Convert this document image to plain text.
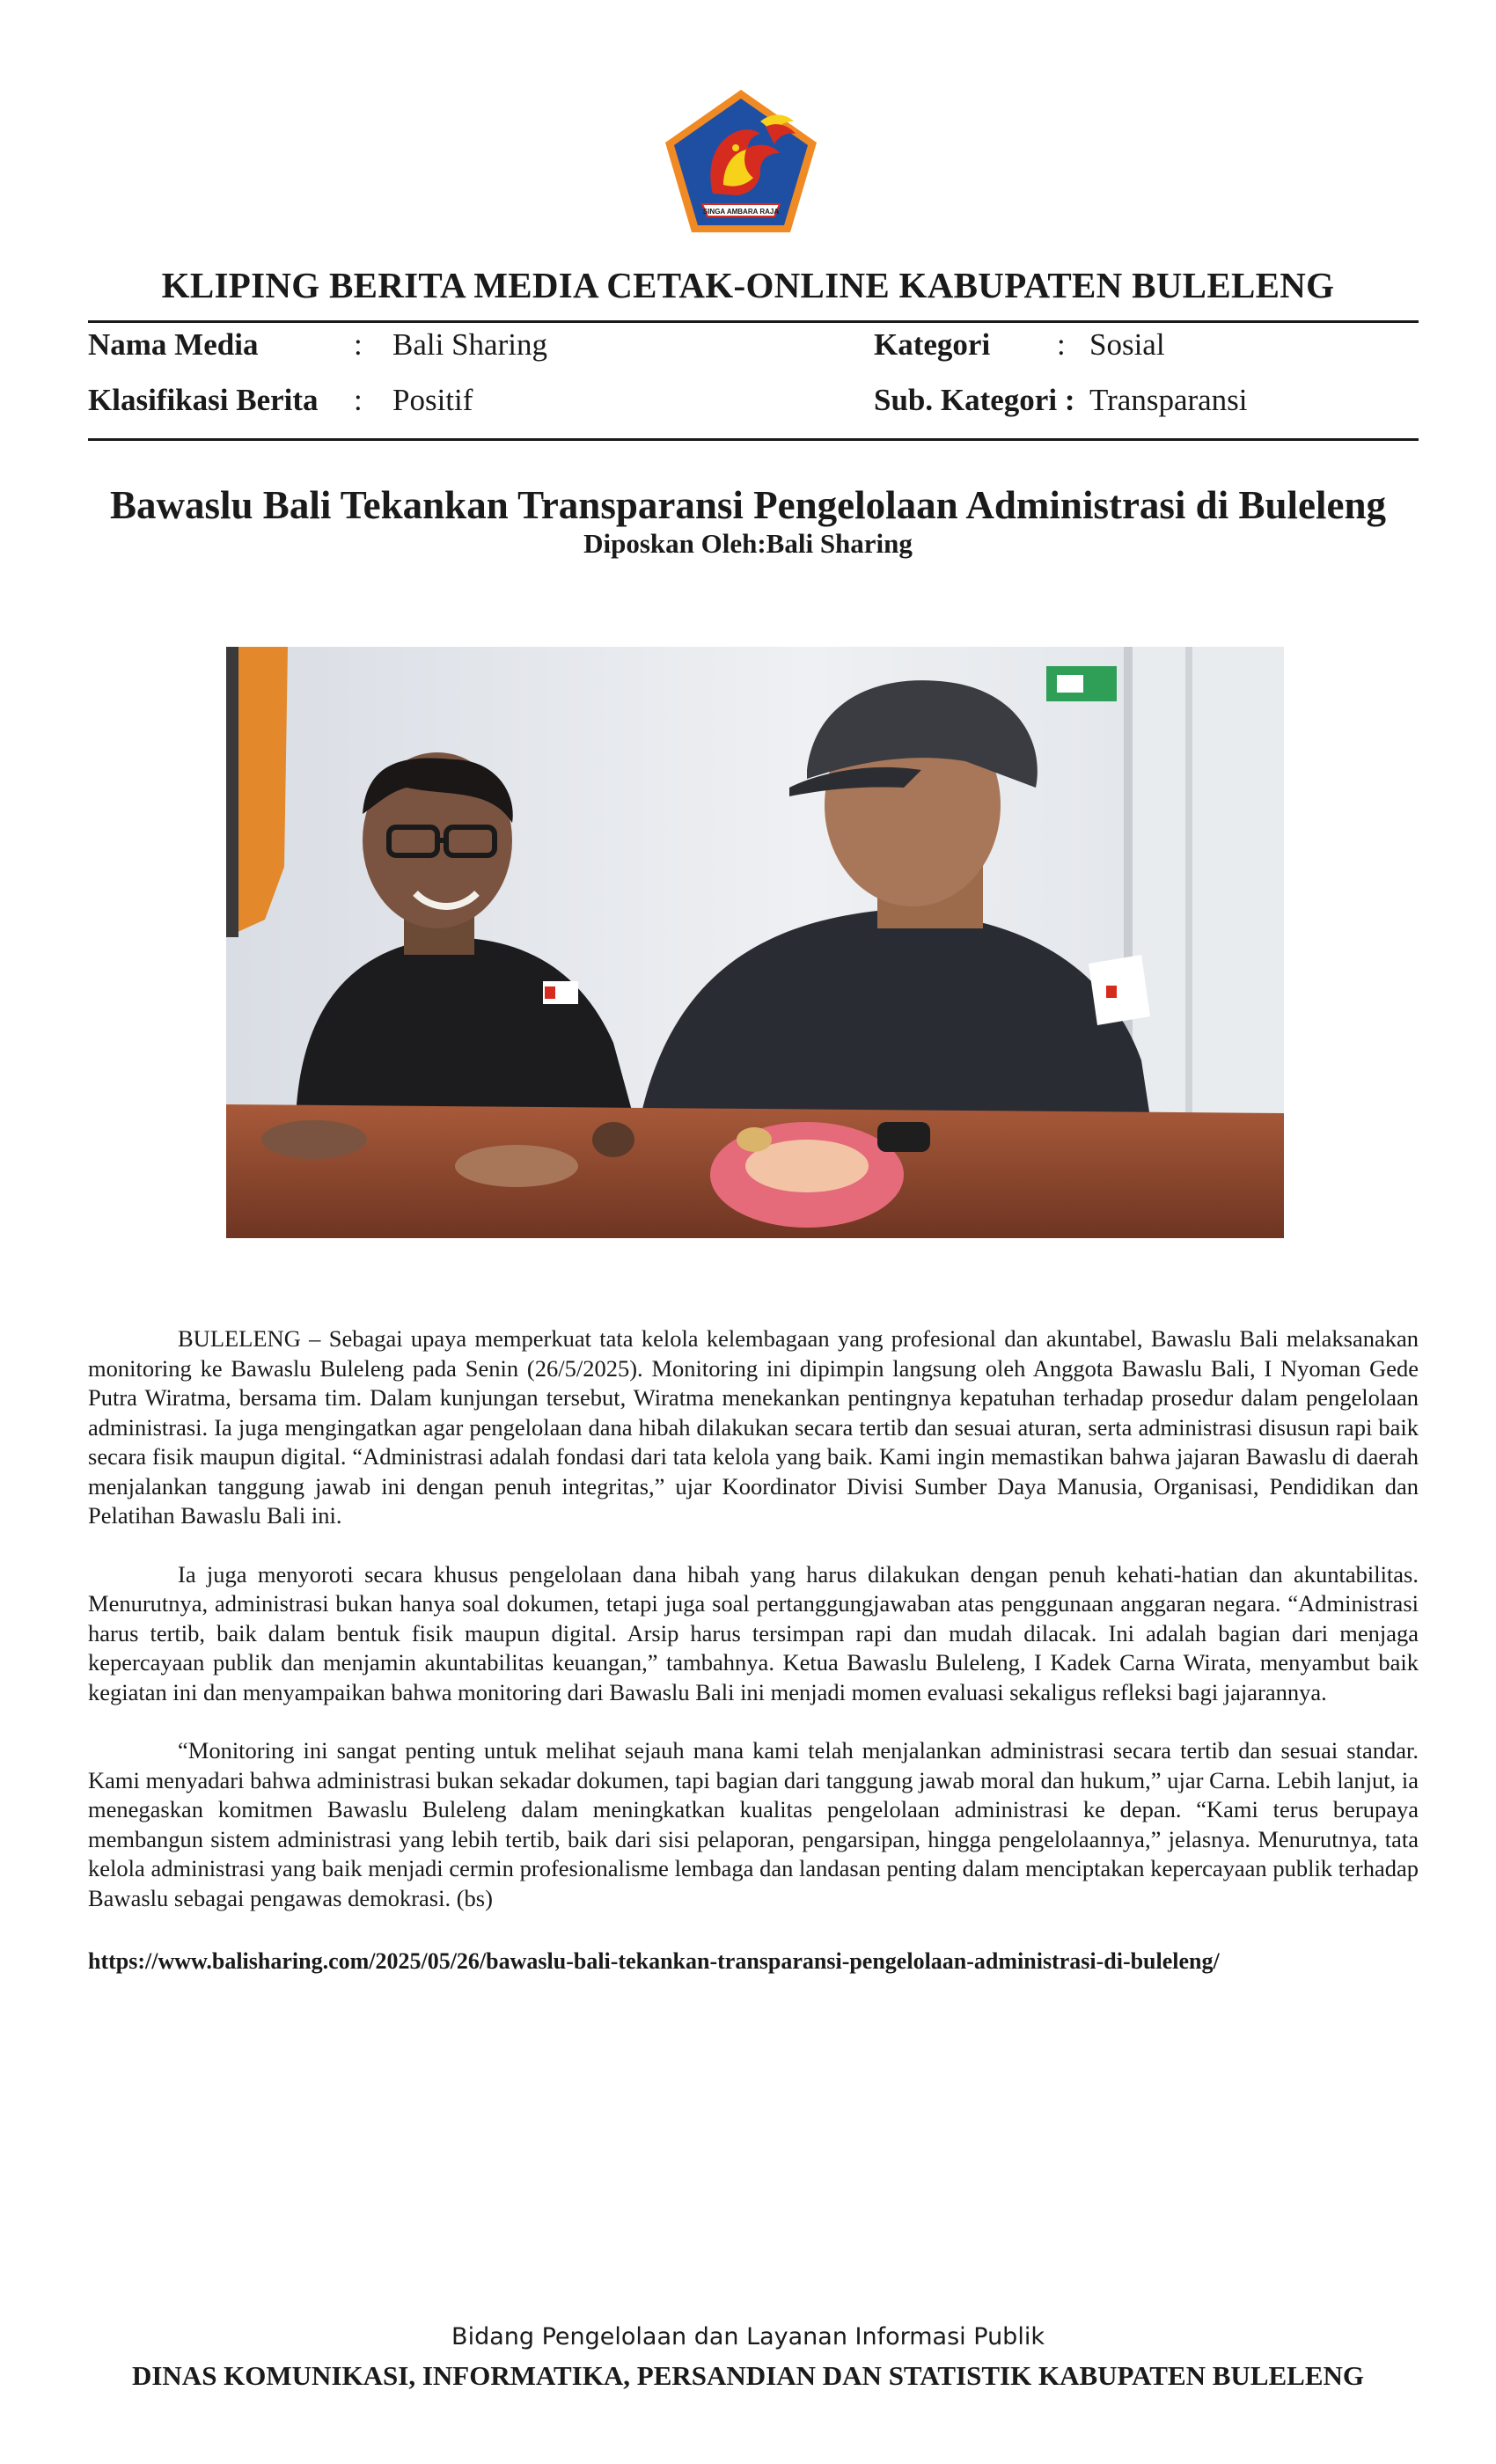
SINGA AMBARA RAJA
KLIPING BERITA MEDIA CETAK-ONLINE KABUPATEN BULELENG
Nama Media	: Bali Sharing	Kategori : Sosial
Klasifikasi Berita : Positif	Sub. Kategori : Transparansi
Bawaslu Bali Tekankan Transparansi Pengelolaan Administrasi di Buleleng
Diposkan Oleh:Bali Sharing

BULELENG – Sebagai upaya memperkuat tata kelola kelembagaan yang profesional dan akuntabel, Bawaslu Bali melaksanakan monitoring ke Bawaslu Buleleng pada Senin (26/5/2025). Monitoring ini dipimpin langsung oleh Anggota Bawaslu Bali, I Nyoman Gede Putra Wiratma, bersama tim. Dalam kunjungan tersebut, Wiratma menekankan pentingnya kepatuhan terhadap prosedur dalam pengelolaan administrasi. Ia juga mengingatkan agar pengelolaan dana hibah dilakukan secara tertib dan sesuai aturan, serta administrasi disusun rapi baik secara fisik maupun digital. “Administrasi adalah fondasi dari tata kelola yang baik. Kami ingin memastikan bahwa jajaran Bawaslu di daerah menjalankan tanggung jawab ini dengan penuh integritas,” ujar Koordinator Divisi Sumber Daya Manusia, Organisasi, Pendidikan dan Pelatihan Bawaslu Bali ini.

Ia juga menyoroti secara khusus pengelolaan dana hibah yang harus dilakukan dengan penuh kehati-hatian dan akuntabilitas. Menurutnya, administrasi bukan hanya soal dokumen, tetapi juga soal pertanggungjawaban atas penggunaan anggaran negara. “Administrasi harus tertib, baik dalam bentuk fisik maupun digital. Arsip harus tersimpan rapi dan mudah dilacak. Ini adalah bagian dari menjaga kepercayaan publik dan menjamin akuntabilitas keuangan,” tambahnya. Ketua Bawaslu Buleleng, I Kadek Carna Wirata, menyambut baik kegiatan ini dan menyampaikan bahwa monitoring dari Bawaslu Bali ini menjadi momen evaluasi sekaligus refleksi bagi jajarannya.

“Monitoring ini sangat penting untuk melihat sejauh mana kami telah menjalankan administrasi secara tertib dan sesuai standar. Kami menyadari bahwa administrasi bukan sekadar dokumen, tapi bagian dari tanggung jawab moral dan hukum,” ujar Carna. Lebih lanjut, ia menegaskan komitmen Bawaslu Buleleng dalam meningkatkan kualitas pengelolaan administrasi ke depan. “Kami terus berupaya membangun sistem administrasi yang lebih tertib, baik dari sisi pelaporan, pengarsipan, hingga pengelolaannya,” jelasnya. Menurutnya, tata kelola administrasi yang baik menjadi cermin profesionalisme lembaga dan landasan penting dalam menciptakan kepercayaan publik terhadap Bawaslu sebagai pengawas demokrasi. (bs)

https://www.balisharing.com/2025/05/26/bawaslu-bali-tekankan-transparansi-pengelolaan-administrasi-di-buleleng/
Bidang Pengelolaan dan Layanan Informasi Publik
DINAS KOMUNIKASI, INFORMATIKA, PERSANDIAN DAN STATISTIK KABUPATEN BULELENG
